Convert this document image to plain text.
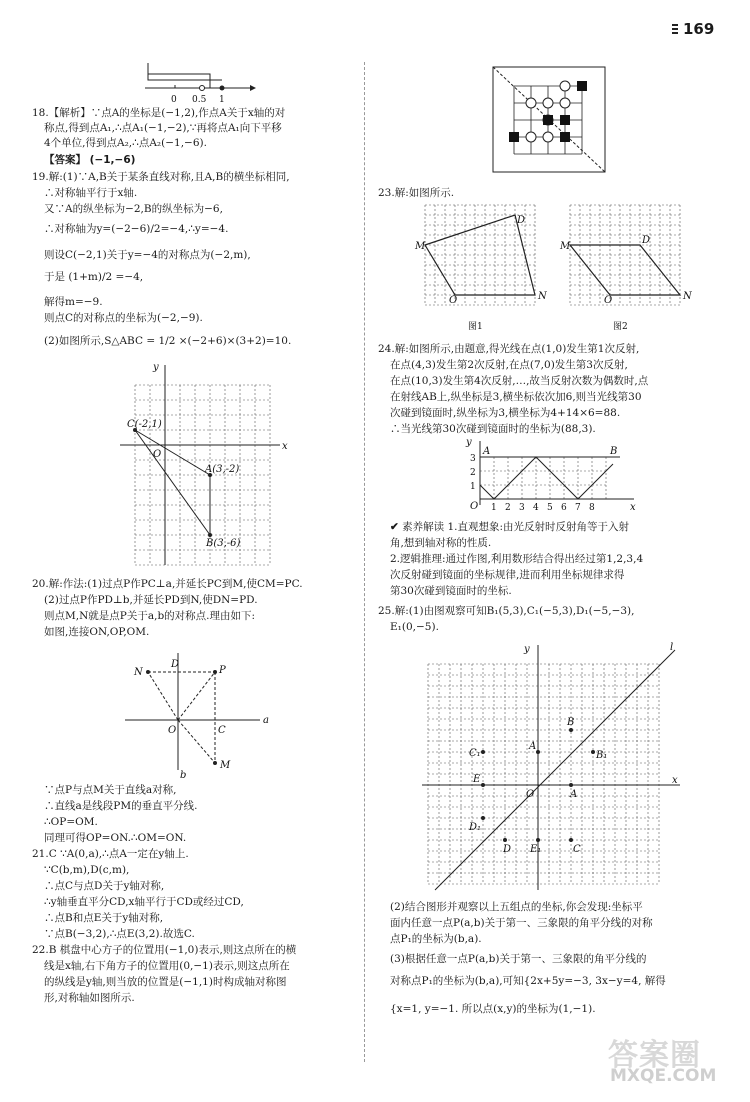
169
0 0.5 1
18.【解析】∵点A的坐标是(−1,2),作点A关于x轴的对
称点,得到点A₁,∴点A₁(−1,−2),∵再将点A₁向下平移
4个单位,得到点A₂,∴点A₂(−1,−6).
【答案】 (−1,−6)
19.解:(1)∵A,B关于某条直线对称,且A,B的横坐标相同,
∴对称轴平行于x轴.
又∵A的纵坐标为−2,B的纵坐标为−6,
∴对称轴为y=(−2−6)/2=−4,∴y=−4.
则设C(−2,1)关于y=−4的对称点为(−2,m),
于是 (1+m)/2 =−4,
解得m=−9.
则点C的对称点的坐标为(−2,−9).
(2)如图所示,S△ABC = 1/2 ×(−2+6)×(3+2)=10.
y
x
C(-2,1)
O
A(3,-2)
B(3,-6)
20.解:作法:(1)过点P作PC⊥a,并延长PC到M,使CM=PC.
(2)过点P作PD⊥b,并延长PD到N,使DN=PD.
则点M,N就是点P关于a,b的对称点.理由如下:
如图,连接ON,OP,OM.
N
D
P
O	C
a
M
b
∵点P与点M关于直线a对称,
∴直线a是线段PM的垂直平分线.
∴OP=OM.
同理可得OP=ON.∴OM=ON.
21.C ∵A(0,a),∴点A一定在y轴上.
∵C(b,m),D(c,m),
∴点C与点D关于y轴对称,
∴y轴垂直平分CD,x轴平行于CD或经过CD,
∴点B和点E关于y轴对称,
∵点B(−3,2),∴点E(3,2).故选C.
22.B 棋盘中心方子的位置用(−1,0)表示,则这点所在的横
线是x轴,右下角方子的位置用(0,−1)表示,则这点所在
的纵线是y轴,则当放的位置是(−1,1)时构成轴对称图
形,对称轴如图所示.
23.解:如图所示.
D
M
O	N
图1
D
M
O	N
图2
24.解:如图所示,由题意,得光线在点(1,0)发生第1次反射,
在点(4,3)发生第2次反射,在点(7,0)发生第3次反射,
在点(10,3)发生第4次反射,…,故当反射次数为偶数时,点
在射线AB上,纵坐标是3,横坐标依次加6,则当光线第30
次碰到镜面时,纵坐标为3,横坐标为4+14×6=88.
∴当光线第30次碰到镜面时的坐标为(88,3).
y
3
2
1
A	B
O 1 2 3 4 5 6 7 8	x
✔ 素养解读 1.直观想象:由光反射时反射角等于入射
角,想到轴对称的性质.
2.逻辑推理:通过作图,利用数形结合得出经过第1,2,3,4
次反射碰到镜面的坐标规律,进而利用坐标规律求得
第30次碰到镜面时的坐标.
25.解:(1)由图观察可知B₁(5,3),C₁(−5,3),D₁(−5,−3),
E₁(0,−5).
y	l
B
C₁	B₁
A
E
O	A
x
D₁
D E₁	C
(2)结合图形并观察以上五组点的坐标,你会发现:坐标平
面内任意一点P(a,b)关于第一、三象限的角平分线的对称
点P₁的坐标为(b,a).
(3)根据任意一点P(a,b)关于第一、三象限的角平分线的
对称点P₁的坐标为(b,a),可知{2x+5y=−3, 3x−y=4, 解得
{x=1, y=−1. 所以点(x,y)的坐标为(1,−1).
答案圈
MXQE.COM
